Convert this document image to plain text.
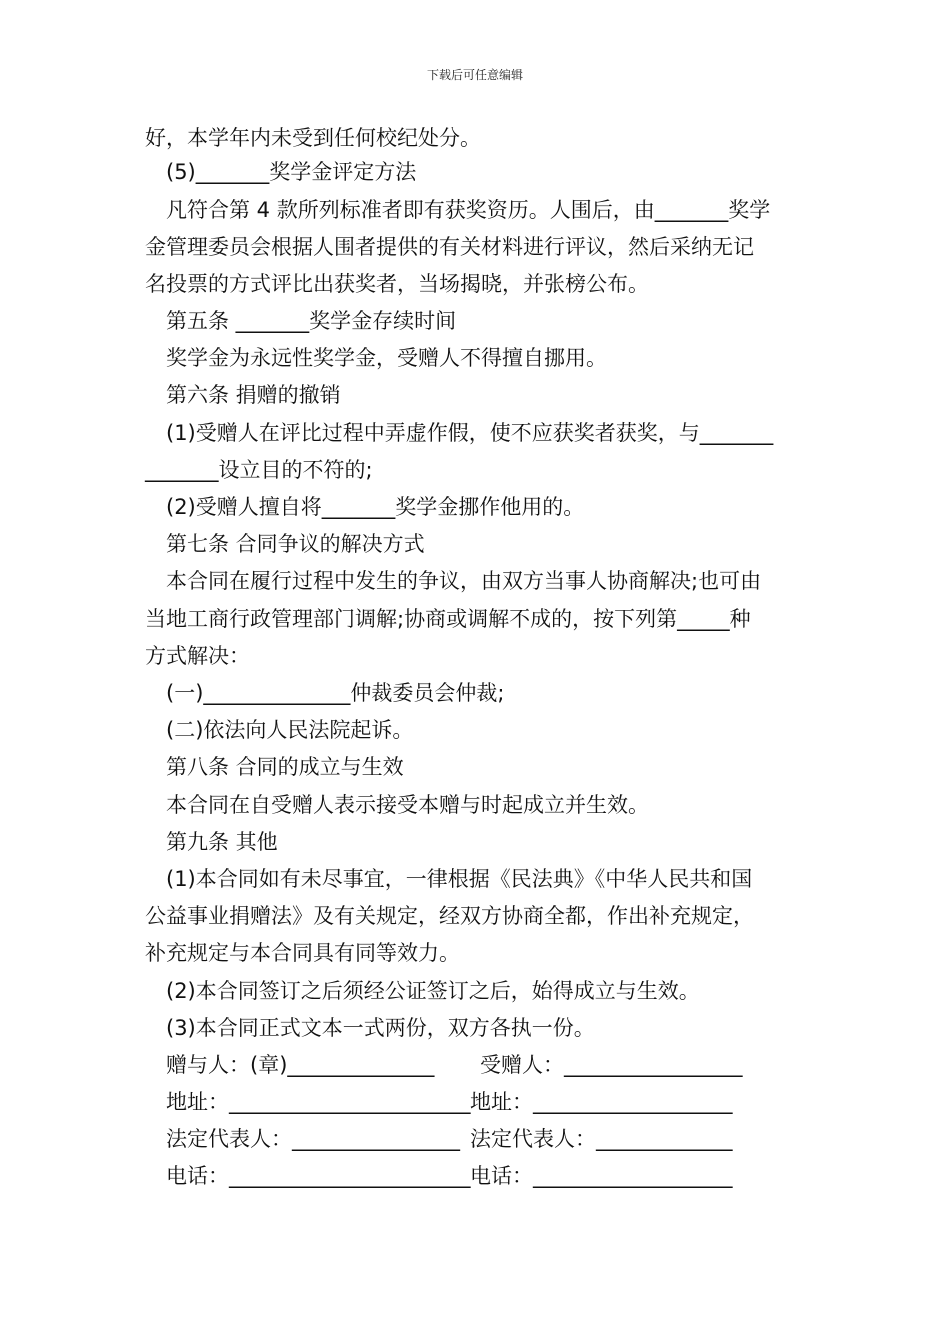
下载后可任意编辑
好，本学年内未受到任何校纪处分。
(5)_______奖学金评定方法
凡符合第 4 款所列标准者即有获奖资历。人围后，由_______奖学
金管理委员会根据人围者提供的有关材料进行评议，然后采纳无记
名投票的方式评比出获奖者，当场揭晓，并张榜公布。
第五条 _______奖学金存续时间
奖学金为永远性奖学金，受赠人不得擅自挪用。
第六条 捐赠的撤销
(1)受赠人在评比过程中弄虚作假，使不应获奖者获奖，与_______
_______设立目的不符的;
(2)受赠人擅自将_______奖学金挪作他用的。
第七条 合同争议的解决方式
本合同在履行过程中发生的争议，由双方当事人协商解决;也可由
当地工商行政管理部门调解;协商或调解不成的，按下列第_____种
方式解决：
(一)______________仲裁委员会仲裁;
(二)依法向人民法院起诉。
第八条 合同的成立与生效
本合同在自受赠人表示接受本赠与时起成立并生效。
第九条 其他
(1)本合同如有未尽事宜，一律根据《民法典》《中华人民共和国
公益事业捐赠法》及有关规定，经双方协商全都，作出补充规定，
补充规定与本合同具有同等效力。
(2)本合同签订之后须经公证签订之后，始得成立与生效。
(3)本合同正式文本一式两份，双方各执一份。
赠与人：(章)______________ 受赠人：_________________
地址：_______________________ 地址：___________________
法定代表人：________________ 法定代表人：_____________
电话：_______________________ 电话：___________________
